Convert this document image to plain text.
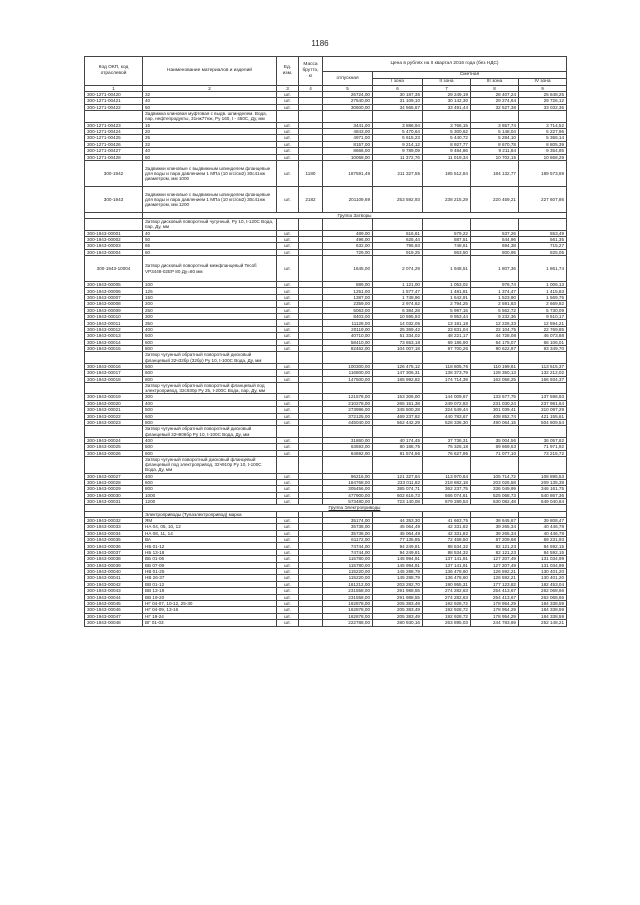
1186
Код ОКП, код отраслевой	Наименование материалов и изделий	Ед. изм.	Масса брутто, кг	Цена в рублях на II квартал 2016 года (без НДС)				
				отпускная	Сметная			
					I зона	II зона	III зона	IV зона
1	2	3	4	5	6	7	8	9
300-1271-00420	32	шт.		26724,00	30 187,35	29 249,19	28 407,24	25 848,25
300-1271-00421	40	шт.		27540,00	31 109,10	30 142,30	29 274,64	29 726,12
300-1271-00422	50	шт.		30600,00	34 565,67	33 491,44	32 527,38	33 032,36
	Задвижка клиновая муфтовая с выдв. шпинделем. Вода, пар, нефтепродукты, 31нж77нж, Ру 160, t - 450С, Ду, мм							
300-1271-00423	15	шт.		3441,00	3 886,94	3 766,15	3 657,74	3 714,52
300-1271-00424	20	шт.		4843,00	5 470,64	5 300,62	5 148,04	5 227,96
300-1271-00425	25	шт.		4971,00	5 615,23	5 440,72	5 284,10	5 366,14
300-1271-00426	32	шт.		8157,00	9 214,12	8 927,77	8 670,78	8 805,39
300-1271-00427	40	шт.		8666,00	9 789,09	9 484,86	9 211,84	9 354,85
300-1271-00428	50	шт.		10068,00	11 372,76	11 019,34	10 702,15	10 868,29
300-1942	Задвижки клиновые с выдвижным шпинделем фланцевые для воды и пара давлением 1 МПа (10 кгс/см2) 30с41нж диаметром, мм 1000	шт.	1180	187591,49	211 327,55	195 512,84	184 132,77	189 573,69
300-1943	Задвижки клиновые с выдвижным шпинделем фланцевые для воды и пара давлением 1 МПа (10 кгс/см2) 30с41нж диаметром, мм 1200	шт.	2182	201109,69	253 592,93	238 215,29	220 459,21	227 607,86
	Группа Затворы							
	Затвор дисковый поворотный чугунный, Ру 10, t-120С Вода, пар, Ду, мм							
300-1943-00001	40	шт.		489,00	616,61	579,22	537,26	553,49
300-1943-00002	50	шт.		496,00	625,44	587,51	544,96	561,35
300-1943-00003	65	шт.		632,00	796,93	748,61	694,38	715,27
300-1943-00004	80	шт.		729,00	919,25	863,50	800,95	825,05
300-1943-10004	Затвор дисковый поворотный межфланцевый Tecofi VP3448-02EP 80 Ду=80 мм	шт.		1645,00	2 074,29	1 948,51	1 807,36	1 861,74
300-1943-00005	100	шт.		889,00	1 121,00	1 053,02	976,74	1 006,13
300-1943-00006	125	шт.		1251,00	1 577,47	1 481,81	1 374,47	1 415,83
300-1943-00007	150	шт.		1387,00	1 748,96	1 642,91	1 523,90	1 569,75
300-1943-00008	200	шт.		2359,00	2 974,62	2 794,25	2 591,83	2 669,82
300-1943-00009	250	шт.		5063,00	6 384,28	5 997,15	5 562,72	5 730,09
300-1943-00010	300	шт.		8403,00	10 595,93	9 953,44	9 232,36	9 510,17
300-1943-00011	350	шт.		11128,00	14 032,05	13 181,18	12 226,33	12 594,21
300-1943-00012	400	шт.		20119,00	25 369,42	23 831,04	22 104,75	22 769,85
300-1943-00013	500	шт.		40710,00	51 334,02	48 221,17	44 728,08	46 073,88
300-1943-00014	600	шт.		58410,00	73 653,18	69 186,90	64 175,07	66 106,01
300-1943-00015	800	шт.		82462,00	104 007,18	97 700,26	90 622,97	93 349,70
	Затвор чугунный обратный поворотный дисковый фланцевый 32ч32бр (32бр) Ру 10, t-100С Вода, Ду, мм							
300-1943-00016	500	шт.		100300,00	126 475,12	118 805,76	110 199,81	113 515,37
300-1943-00017	600	шт.		116800,00	147 306,31	138 373,79	128 350,13	132 212,02
300-1943-00018	800	шт.		147500,00	185 992,82	174 714,39	162 058,25	166 934,37
	Затвор чугунный обратный поворотный фланцевый под электропривод, 32с930р Ру 25, t-200С Вода, пар, Ду, мм							
300-1943-00019	300	шт.		121578,00	153 306,00	144 009,67	133 577,75	137 596,93
300-1943-00020	400	шт.		210278,00	265 151,38	249 072,83	231 030,24	237 981,64
300-1943-00021	500	шт.		273996,00	345 500,28	324 549,44	301 039,41	310 097,29
300-1943-00022	600	шт.		372125,00	469 237,82	440 783,67	408 852,74	421 155,61
300-1943-00023	800	шт.		445040,00	562 442,29	528 336,30	490 064,15	504 809,54
	Затвор чугунный обратный поворотный дисковый фланцевый 32ч906бр Ру 10, t-100С Вода, Ду, мм							
300-1943-00024	400	шт.		31860,00	40 174,45	37 736,31	35 004,56	36 057,82
300-1943-00025	500	шт.		63593,00	80 188,75	75 326,18	69 869,63	71 971,92
300-1943-00026	600	шт.		64692,00	81 574,56	76 627,95	71 077,10	73 215,72
	Затвор чугунный поворотный дисковый фланцевый фланцевый под электропривод, 32ч910р Ру 10, t-100С Вода, Ду, мм							
300-1943-00027	400	шт.		96216,00	121 327,84	113 970,64	105 714,72	108 895,53
300-1943-00028	600	шт.		184768,00	233 011,82	218 882,18	203 026,58	209 135,38
300-1943-00029	800	шт.		305456,00	385 074,71	362 237,75	336 049,99	346 161,75
300-1943-00030	1000	шт.		477900,00	602 616,73	566 074,61	525 068,73	540 867,36
300-1943-00031	1200	шт.		573480,00	723 140,08	679 289,53	630 082,48	649 040,84
	Группа Электроприводы							
	Электроприводы (Тулаэлектропривод) марка							
300-1943-00032	ЯМ	шт.		35174,00	44 353,30	41 663,75	38 645,67	39 808,47
300-1943-00033	НА 04, 05, 10, 12	шт.		35738,00	45 064,49	42 331,82	39 265,34	40 446,78
300-1943-00034	НА 08, 11, 14	шт.		35738,00	45 064,49	42 331,82	39 265,34	40 446,78
300-1943-00035	ВА	шт.		61172,00	77 135,85	72 458,50	67 209,68	69 231,93
300-1943-00036	НБ 01-12	шт.		74744,00	94 249,81	88 534,32	82 121,23	84 592,15
300-1943-00037	НБ 13-18	шт.		74744,00	94 249,81	88 534,32	82 121,23	84 592,15
300-1943-00038	ВБ 01-06	шт.		115780,00	145 994,91	137 141,91	127 207,49	131 034,99
300-1943-00039	ВБ 07-09	шт.		115780,00	145 994,91	137 141,91	127 207,49	131 034,99
300-1943-00040	НВ 01-25	шт.		115220,00	145 288,79	136 478,60	126 592,21	130 401,20
300-1943-00041	НВ 26-37	шт.		115220,00	145 288,79	136 478,60	126 592,21	130 401,20
300-1943-00042	ВВ 01-12	шт.		161212,00	203 282,70	190 955,31	177 123,82	182 453,04
300-1943-00043	ВВ 13-18	шт.		231558,00	291 988,55	274 282,63	254 413,67	262 068,66
300-1943-00044	ВВ 19-20	шт.		231558,00	291 988,55	274 282,63	254 413,67	262 068,66
300-1943-00045	НГ 04-07, 10-12, 25-30	шт.		162878,00	205 383,49	192 928,72	178 954,29	184 338,59
300-1943-00046	НГ 04-09, 13-16	шт.		162878,00	205 383,49	192 928,72	178 954,29	184 338,59
300-1943-00047	НГ 19-24	шт.		162878,00	205 383,49	192 928,72	178 954,29	184 338,59
300-1943-00048	ВГ 01-03	шт.		222788,00	280 930,16	263 895,03	244 783,69	252 148,21
